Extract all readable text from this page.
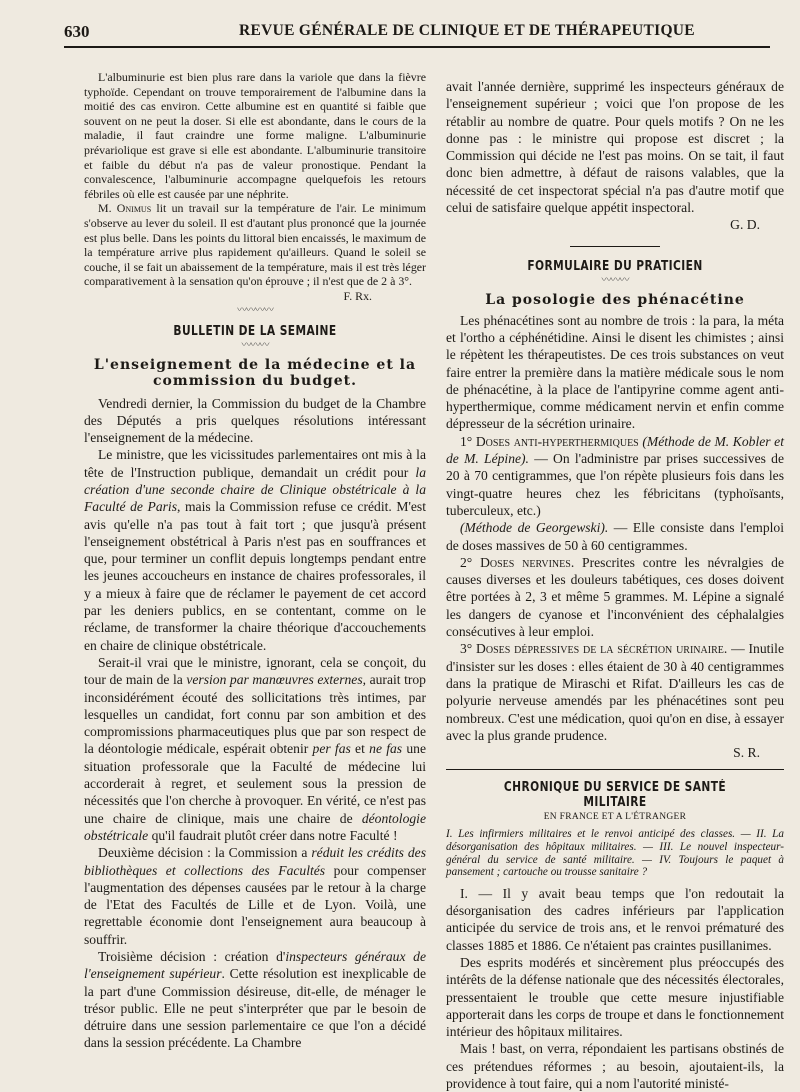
630	REVUE GÉNÉRALE DE CLINIQUE ET DE THÉRAPEUTIQUE

L'albuminurie est bien plus rare dans la variole que dans la fièvre typhoïde. Cependant on trouve temporairement de l'albumine dans la moitié des cas environ. Cette albumine est en quantité si faible que souvent on ne peut la doser. Si elle est abondante, dans le cours de la maladie, il faut craindre une forme maligne. L'albuminurie prévariolique est grave si elle est abondante. L'albuminurie transitoire et faible du début n'a pas de valeur pronostique. Pendant la convalescence, l'albuminurie accompagne quelquefois les retours fébriles où elle est causée par une néphrite.

M. Onimus lit un travail sur la température de l'air. Le minimum s'observe au lever du soleil. Il est d'autant plus prononcé que la journée est plus belle. Dans les points du littoral bien encaissés, le maximum de la température arrive plus rapidement qu'ailleurs. Quand le soleil se couche, il se fait un abaissement de la température, mais il est très léger comparativement à la sensation qu'on éprouve ; il n'est que de 2 à 3°.

F. Rx.
〰〰〰〰
BULLETIN DE LA SEMAINE
〰〰〰
L'enseignement de la médecine et la commission du budget.

Vendredi dernier, la Commission du budget de la Chambre des Députés a pris quelques résolutions intéressant l'enseignement de la médecine.

Le ministre, que les vicissitudes parlementaires ont mis à la tête de l'Instruction publique, demandait un crédit pour la création d'une seconde chaire de Clinique obstétricale à la Faculté de Paris, mais la Commission refuse ce crédit. M'est avis qu'elle n'a pas tout à fait tort ; que jusqu'à présent l'enseignement obstétrical à Paris n'est pas en souffrances et que, pour terminer un conflit depuis longtemps pendant entre les jeunes accoucheurs en instance de chaires professorales, il y a mieux à faire que de réclamer le payement de cet accord par les deniers publics, en se contentant, comme on le réclame, de transformer la chaire théorique d'accouchements en chaire de clinique obstétricale.

Serait-il vrai que le ministre, ignorant, cela se conçoit, du tour de main de la version par manœuvres externes, aurait trop inconsidérément écouté des sollicitations très intimes, par lesquelles un candidat, fort connu par son ambition et des compromissions pharmaceutiques plus que par son respect de la déontologie médicale, espérait obtenir per fas et ne fas une situation professorale que la Faculté de médecine lui accorderait à regret, et seulement sous la pression de nécessités que l'on cherche à provoquer. En vérité, ce n'est pas une chaire de clinique, mais une chaire de déontologie obstétricale qu'il faudrait plutôt créer dans notre Faculté !

Deuxième décision : la Commission a réduit les crédits des bibliothèques et collections des Facultés pour compenser l'augmentation des dépenses causées par le retour à la charge de l'Etat des Facultés de Lille et de Lyon. Voilà, une regrettable économie dont l'enseignement aura beaucoup à souffrir.

Troisième décision : création d'inspecteurs généraux de l'enseignement supérieur. Cette résolution est inexplicable de la part d'une Commission désireuse, dit-elle, de ménager le trésor public. Elle ne peut s'interpréter que par le besoin de détruire dans une session parlementaire ce que l'on a décidé dans la session précédente. La Chambre

avait l'année dernière, supprimé les inspecteurs généraux de l'enseignement supérieur ; voici que l'on propose de les rétablir au nombre de quatre. Pour quels motifs ? On ne les donne pas : le ministre qui propose est discret ; la Commission qui décide ne l'est pas moins. On se tait, il faut donc bien admettre, à défaut de raisons valables, que la nécessité de cet inspectorat spécial n'a pas d'autre motif que celui de satisfaire quelque appétit inspectoral.

G. D.
FORMULAIRE DU PRATICIEN
〰〰〰
La posologie des phénacétine

Les phénacétines sont au nombre de trois : la para, la méta et l'ortho a céphénétidine. Ainsi le disent les chimistes ; ainsi le répètent les thérapeutistes. De ces trois substances on veut faire entrer la première dans la matière médicale sous le nom de phénacétine, à la place de l'antipyrine comme agent anti-hyperthermique, comme médicament nervin et enfin comme dépresseur de la sécrétion urinaire.

1° Doses anti-hyperthermiques (Méthode de M. Kobler et de M. Lépine). — On l'administre par prises successives de 20 à 70 centigrammes, que l'on répète plusieurs fois dans les vingt-quatre heures chez les fébricitans (typhoïsants, tuberculeux, etc.)

(Méthode de Georgewski). — Elle consiste dans l'emploi de doses massives de 50 à 60 centigrammes.

2° Doses nervines. Prescrites contre les névralgies de causes diverses et les douleurs tabétiques, ces doses doivent être portées à 2, 3 et même 5 grammes. M. Lépine a signalé les dangers de cyanose et l'inconvénient des céphalalgies consécutives à leur emploi.

3° Doses dépressives de la sécrétion urinaire. — Inutile d'insister sur les doses : elles étaient de 30 à 40 centigrammes dans la pratique de Miraschi et Rifat. D'ailleurs les cas de polyurie nerveuse amendés par les phénacétines sont peu nombreux. C'est une médication, quoi qu'on en dise, à essayer avec la plus grande prudence.

S. R.
CHRONIQUE DU SERVICE DE SANTÉ MILITAIRE
EN FRANCE ET A L'ÉTRANGER

I. Les infirmiers militaires et le renvoi anticipé des classes. — II. La désorganisation des hôpitaux militaires. — III. Le nouvel inspecteur-général du service de santé militaire. — IV. Toujours le paquet à pansement ; cartouche ou trousse sanitaire ?

I. — Il y avait beau temps que l'on redoutait la désorganisation des cadres inférieurs par l'application anticipée du service de trois ans, et le renvoi prématuré des classes 1885 et 1886. Ce n'étaient pas craintes pusillanimes.

Des esprits modérés et sincèrement plus préoccupés des intérêts de la défense nationale que des nécessités électorales, pressentaient le trouble que cette mesure injustifiable apporterait dans les corps de troupe et dans le fonctionnement intérieur des hôpitaux militaires.

Mais ! bast, on verra, répondaient les partisans obstinés de ces prétendues réformes ; au besoin, ajoutaient-ils, la providence à tout faire, qui a nom l'autorité ministé-
